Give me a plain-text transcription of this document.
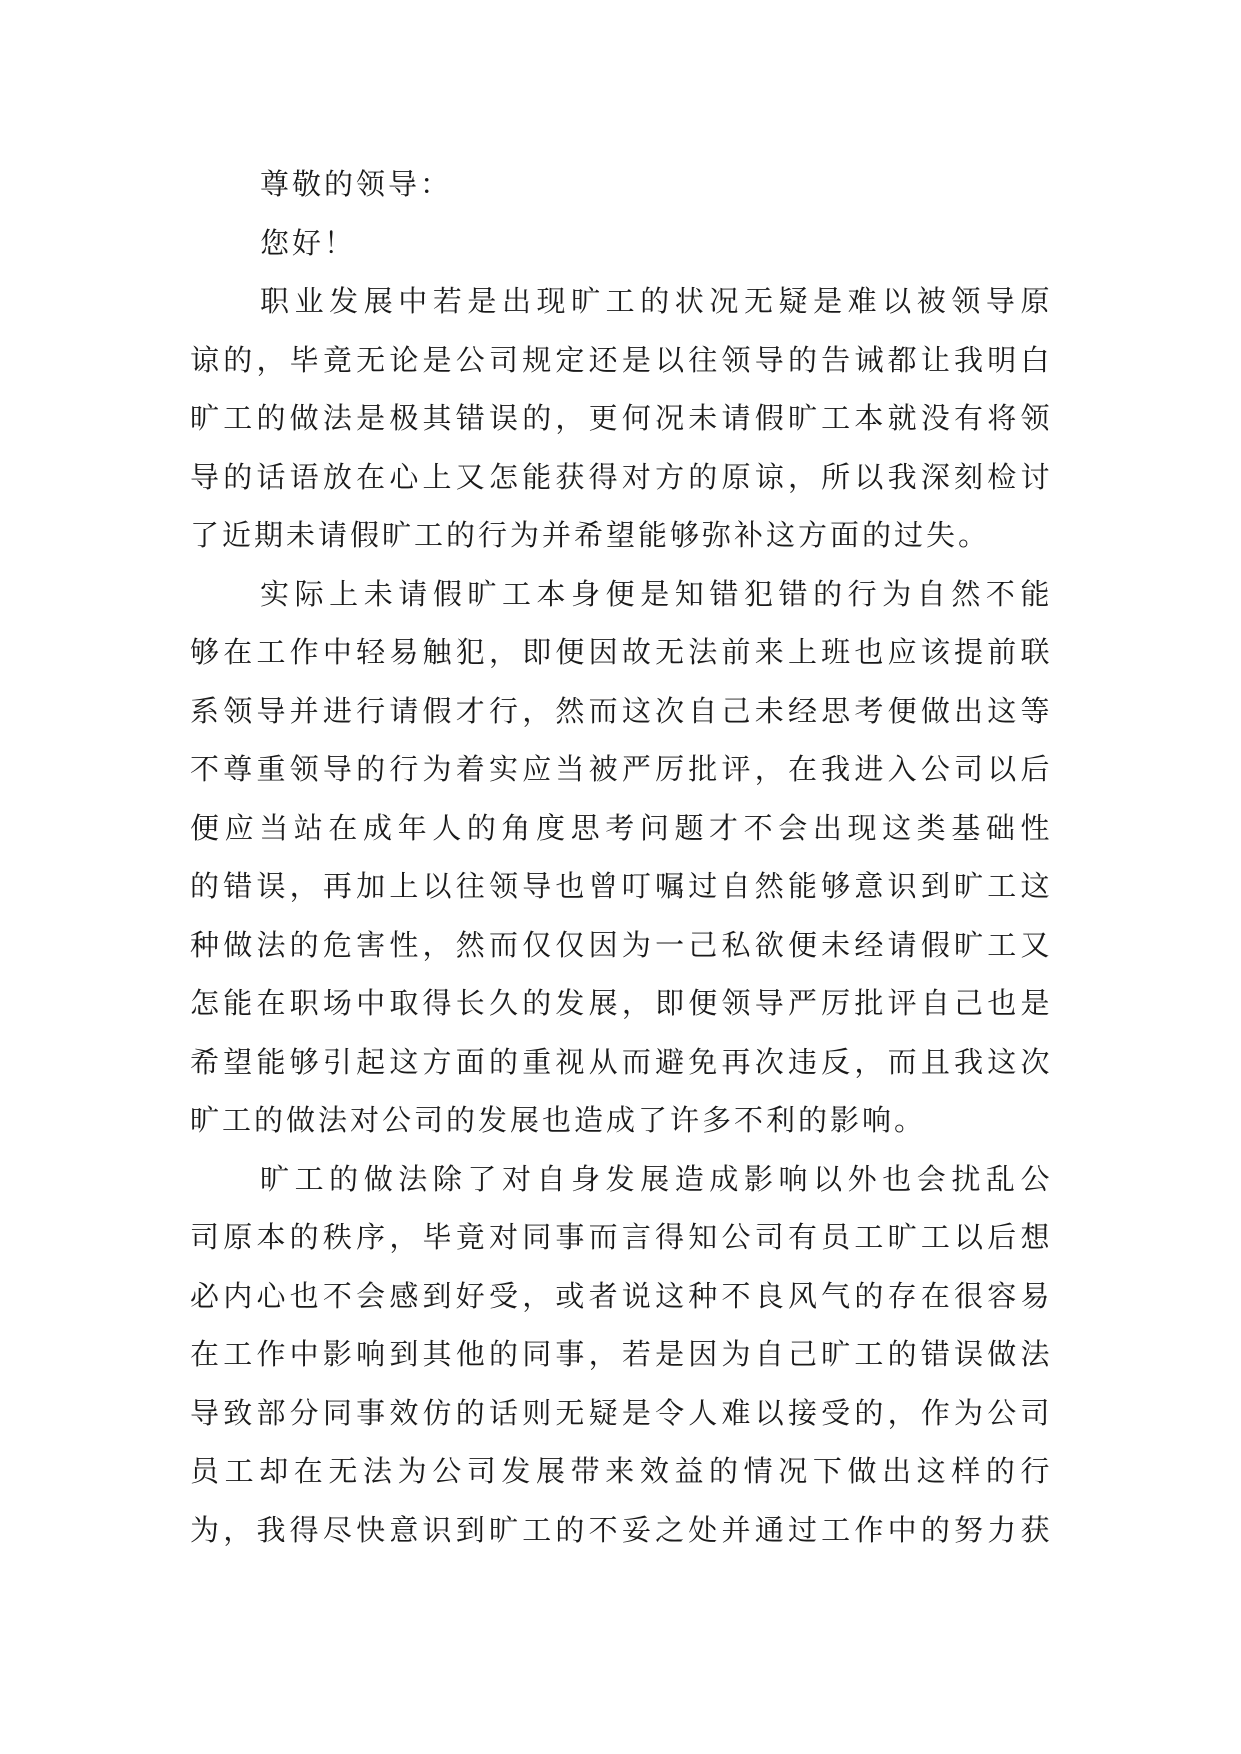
尊敬的领导：
您好！
职业发展中若是出现旷工的状况无疑是难以被领导原
谅的，毕竟无论是公司规定还是以往领导的告诫都让我明白
旷工的做法是极其错误的，更何况未请假旷工本就没有将领
导的话语放在心上又怎能获得对方的原谅，所以我深刻检讨
了近期未请假旷工的行为并希望能够弥补这方面的过失。
实际上未请假旷工本身便是知错犯错的行为自然不能
够在工作中轻易触犯，即便因故无法前来上班也应该提前联
系领导并进行请假才行，然而这次自己未经思考便做出这等
不尊重领导的行为着实应当被严厉批评，在我进入公司以后
便应当站在成年人的角度思考问题才不会出现这类基础性
的错误，再加上以往领导也曾叮嘱过自然能够意识到旷工这
种做法的危害性，然而仅仅因为一己私欲便未经请假旷工又
怎能在职场中取得长久的发展，即便领导严厉批评自己也是
希望能够引起这方面的重视从而避免再次违反，而且我这次
旷工的做法对公司的发展也造成了许多不利的影响。
旷工的做法除了对自身发展造成影响以外也会扰乱公
司原本的秩序，毕竟对同事而言得知公司有员工旷工以后想
必内心也不会感到好受，或者说这种不良风气的存在很容易
在工作中影响到其他的同事，若是因为自己旷工的错误做法
导致部分同事效仿的话则无疑是令人难以接受的，作为公司
员工却在无法为公司发展带来效益的情况下做出这样的行
为，我得尽快意识到旷工的不妥之处并通过工作中的努力获
